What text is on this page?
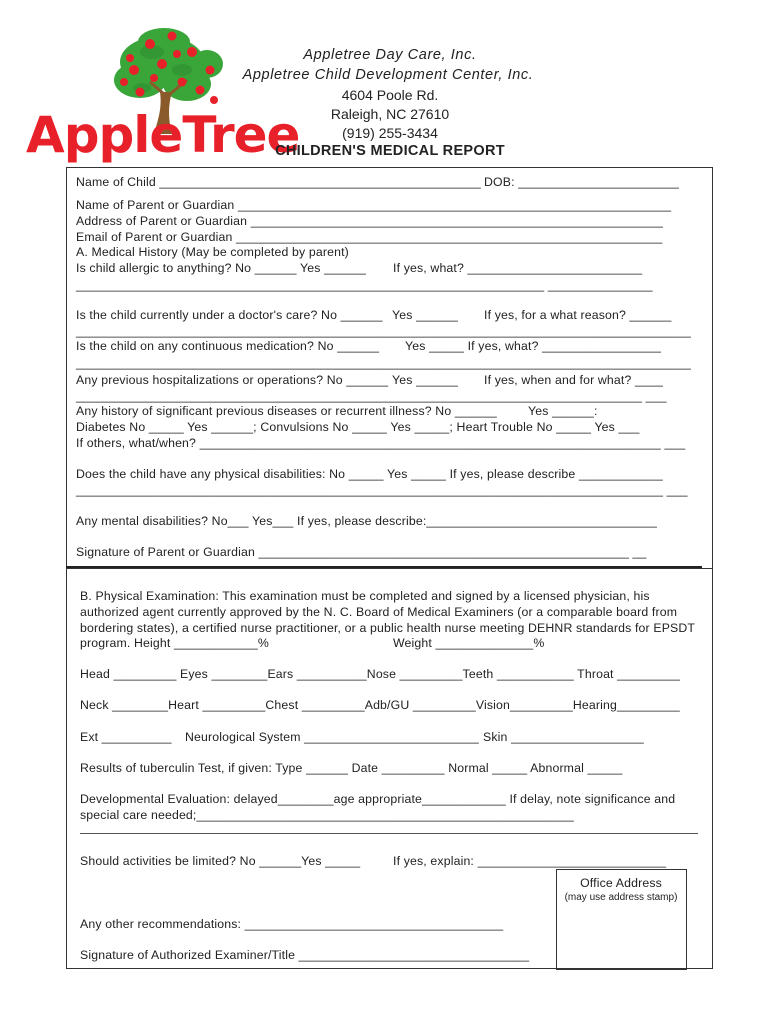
AppleTree
Appletree Day Care, Inc.
Appletree Child Development Center, Inc.
4604 Poole Rd.
Raleigh, NC 27610
(919) 255-3434
CHILDREN'S MEDICAL REPORT
Name of Child ______________________________________________ DOB: _______________________
Name of Parent or Guardian ______________________________________________________________
Address of Parent or Guardian ___________________________________________________________
Email of Parent or Guardian _____________________________________________________________
A. Medical History (May be completed by parent)
Is child allergic to anything? No ______ Yes ______ If yes, what? _________________________
___________________________________________________________________ _______________
Is the child currently under a doctor's care? No ______ Yes ______ If yes, for a what reason? ______
________________________________________________________________________________________
Is the child on any continuous medication? No ______ Yes _____ If yes, what? _________________
________________________________________________________________________________________
Any previous hospitalizations or operations? No ______ Yes ______ If yes, when and for what? ____
_________________________________________________________________________________ ___
Any history of significant previous diseases or recurrent illness? No ______	Yes ______:
Diabetes No _____ Yes ______; Convulsions No _____ Yes _____; Heart Trouble No _____ Yes ___
If others, what/when? __________________________________________________________________ ___
Does the child have any physical disabilities: No _____ Yes _____ If yes, please describe ____________
____________________________________________________________________________________ ___
Any mental disabilities? No___ Yes___ If yes, please describe:_________________________________
Signature of Parent or Guardian _____________________________________________________ __
B. Physical Examination: This examination must be completed and signed by a licensed physician, his
authorized agent currently approved by the N. C. Board of Medical Examiners (or a comparable board from
bordering states), a certified nurse practitioner, or a public health nurse meeting DEHNR standards for EPSDT
program. Height ____________%	Weight ______________%
Head _________ Eyes ________Ears __________Nose _________Teeth ___________ Throat _________
Neck ________Heart _________Chest _________Adb/GU _________Vision_________Hearing_________
Ext __________ Neurological System _________________________ Skin ___________________
Results of tuberculin Test, if given: Type ______ Date _________ Normal _____ Abnormal _____
Developmental Evaluation: delayed________age appropriate____________ If delay, note significance and
special care needed;______________________________________________________
Should activities be limited? No ______Yes _____	If yes, explain: ___________________________
Office Address
(may use address stamp)
Any other recommendations: _____________________________________
Signature of Authorized Examiner/Title _________________________________
